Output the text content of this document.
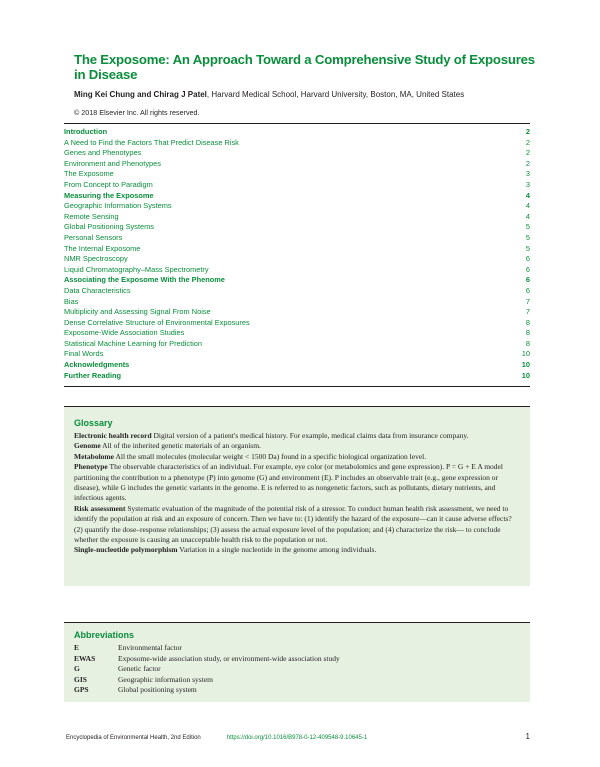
The Exposome: An Approach Toward a Comprehensive Study of Exposures in Disease
Ming Kei Chung and Chirag J Patel, Harvard Medical School, Harvard University, Boston, MA, United States
© 2018 Elsevier Inc. All rights reserved.
Introduction	2
A Need to Find the Factors That Predict Disease Risk	2
Genes and Phenotypes	2
Environment and Phenotypes	2
The Exposome	3
From Concept to Paradigm	3
Measuring the Exposome	4
Geographic Information Systems	4
Remote Sensing	4
Global Positioning Systems	5
Personal Sensors	5
The Internal Exposome	5
NMR Spectroscopy	6
Liquid Chromatography–Mass Spectrometry	6
Associating the Exposome With the Phenome	6
Data Characteristics	6
Bias	7
Multiplicity and Assessing Signal From Noise	7
Dense Correlative Structure of Environmental Exposures	8
Exposome-Wide Association Studies	8
Statistical Machine Learning for Prediction	8
Final Words	10
Acknowledgments	10
Further Reading	10
Glossary

Electronic health record Digital version of a patient's medical history. For example, medical claims data from insurance company.

Genome All of the inherited genetic materials of an organism.

Metabolome All the small molecules (molecular weight < 1500 Da) found in a specific biological organization level.

Phenotype The observable characteristics of an individual. For example, eye color (or metabolomics and gene expression). P = G + E A model partitioning the contribution to a phenotype (P) into genome (G) and environment (E). P includes an observable trait (e.g., gene expression or disease), while G includes the genetic variants in the genome. E is referred to as nongenetic factors, such as pollutants, dietary nutrients, and infectious agents.

Risk assessment Systematic evaluation of the magnitude of the potential risk of a stressor. To conduct human health risk assessment, we need to identify the population at risk and an exposure of concern. Then we have to: (1) identify the hazard of the exposure—can it cause adverse effects? (2) quantify the dose–response relationships; (3) assess the actual exposure level of the population; and (4) characterize the risk— to conclude whether the exposure is causing an unacceptable health risk to the population or not.

Single-nucleotide polymorphism Variation in a single nucleotide in the genome among individuals.

Abbreviations
E	Environmental factor
EWAS	Exposome-wide association study, or environment-wide association study
G	Genetic factor
GIS	Geographic information system
GPS	Global positioning system
Encyclopedia of Environmental Health, 2nd Edition	https://doi.org/10.1016/B978-0-12-409548-9.10645-1	1
